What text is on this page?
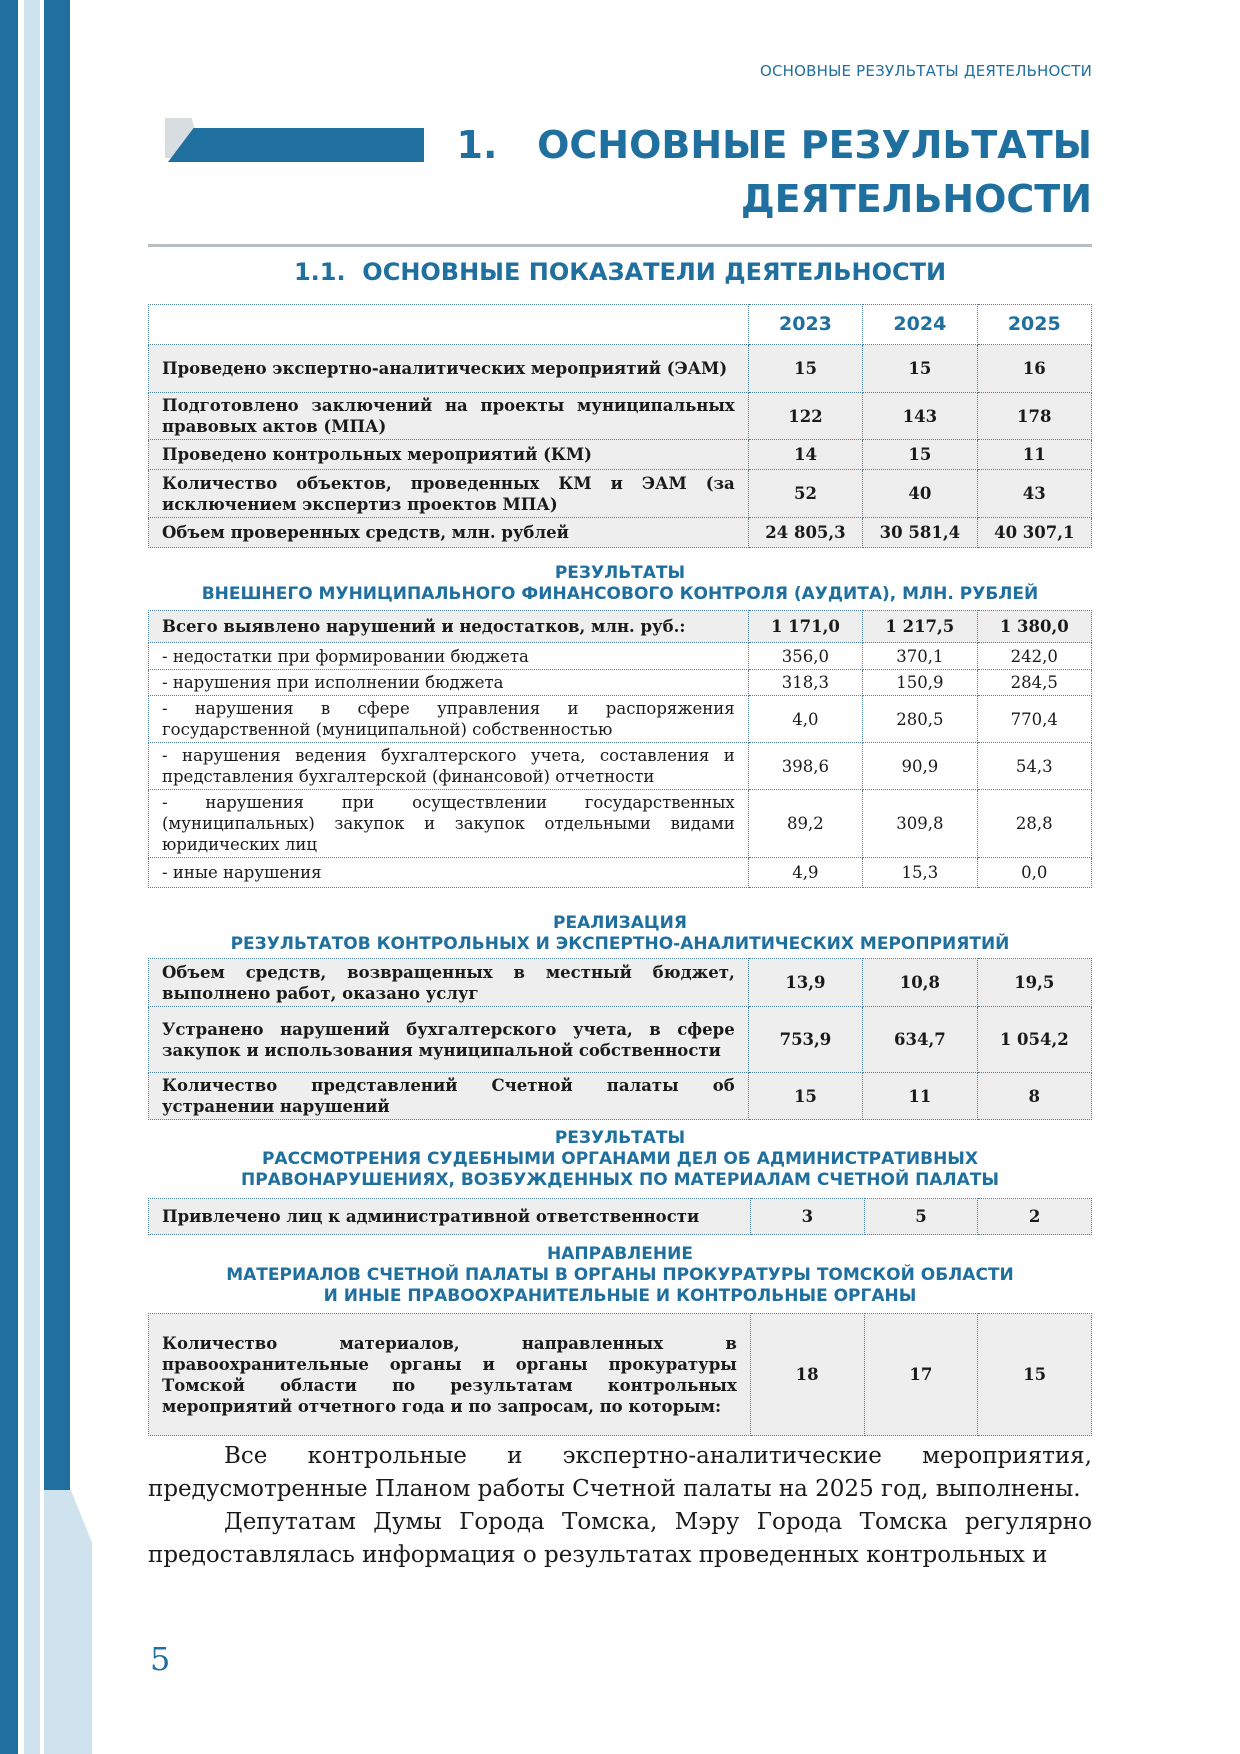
ОСНОВНЫЕ РЕЗУЛЬТАТЫ ДЕЯТЕЛЬНОСТИ
1.   ОСНОВНЫЕ РЕЗУЛЬТАТЫ
ДЕЯТЕЛЬНОСТИ
1.1.  ОСНОВНЫЕ ПОКАЗАТЕЛИ ДЕЯТЕЛЬНОСТИ
	2023	2024	2025
Проведено экспертно-аналитических мероприятий (ЭАМ)	15	15	16
Подготовлено заключений на проекты муниципальных правовых актов (МПА)	122	143	178
Проведено контрольных мероприятий (КМ)	14	15	11
Количество объектов, проведенных КМ и ЭАМ (за исключением экспертиз проектов МПА)	52	40	43
Объем проверенных средств, млн. рублей	24 805,3	30 581,4	40 307,1
РЕЗУЛЬТАТЫ
ВНЕШНЕГО МУНИЦИПАЛЬНОГО ФИНАНСОВОГО КОНТРОЛЯ (АУДИТА), МЛН. РУБЛЕЙ
Всего выявлено нарушений и недостатков, млн. руб.:	1 171,0	1 217,5	1 380,0
- недостатки при формировании бюджета	356,0	370,1	242,0
- нарушения при исполнении бюджета	318,3	150,9	284,5
- нарушения в сфере управления и распоряжения государственной (муниципальной) собственностью	4,0	280,5	770,4
- нарушения ведения бухгалтерского учета, составления и представления бухгалтерской (финансовой) отчетности	398,6	90,9	54,3
- нарушения при осуществлении государственных (муниципальных) закупок и закупок отдельными видами юридических лиц	89,2	309,8	28,8
- иные нарушения	4,9	15,3	0,0
РЕАЛИЗАЦИЯ
РЕЗУЛЬТАТОВ КОНТРОЛЬНЫХ И ЭКСПЕРТНО-АНАЛИТИЧЕСКИХ МЕРОПРИЯТИЙ
Объем средств, возвращенных в местный бюджет, выполнено работ, оказано услуг	13,9	10,8	19,5
Устранено нарушений бухгалтерского учета, в сфере закупок и использования муниципальной собственности	753,9	634,7	1 054,2
Количество представлений Счетной палаты об устранении нарушений	15	11	8
РЕЗУЛЬТАТЫ
РАССМОТРЕНИЯ СУДЕБНЫМИ ОРГАНАМИ ДЕЛ ОБ АДМИНИСТРАТИВНЫХ
ПРАВОНАРУШЕНИЯХ, ВОЗБУЖДЕННЫХ ПО МАТЕРИАЛАМ СЧЕТНОЙ ПАЛАТЫ
Привлечено лиц к административной ответственности	3	5	2
НАПРАВЛЕНИЕ
МАТЕРИАЛОВ СЧЕТНОЙ ПАЛАТЫ В ОРГАНЫ ПРОКУРАТУРЫ ТОМСКОЙ ОБЛАСТИ
И ИНЫЕ ПРАВООХРАНИТЕЛЬНЫЕ И КОНТРОЛЬНЫЕ ОРГАНЫ
Количество материалов, направленных в правоохранительные органы и органы прокуратуры Томской области по результатам контрольных мероприятий отчетного года и по запросам, по которым:	18	17	15

Все контрольные и экспертно-аналитические мероприятия, предусмотренные Планом работы Счетной палаты на 2025 год, выполнены.

Депутатам Думы Города Томска, Мэру Города Томска регулярно предоставлялась информация о результатах проведенных контрольных и

5
